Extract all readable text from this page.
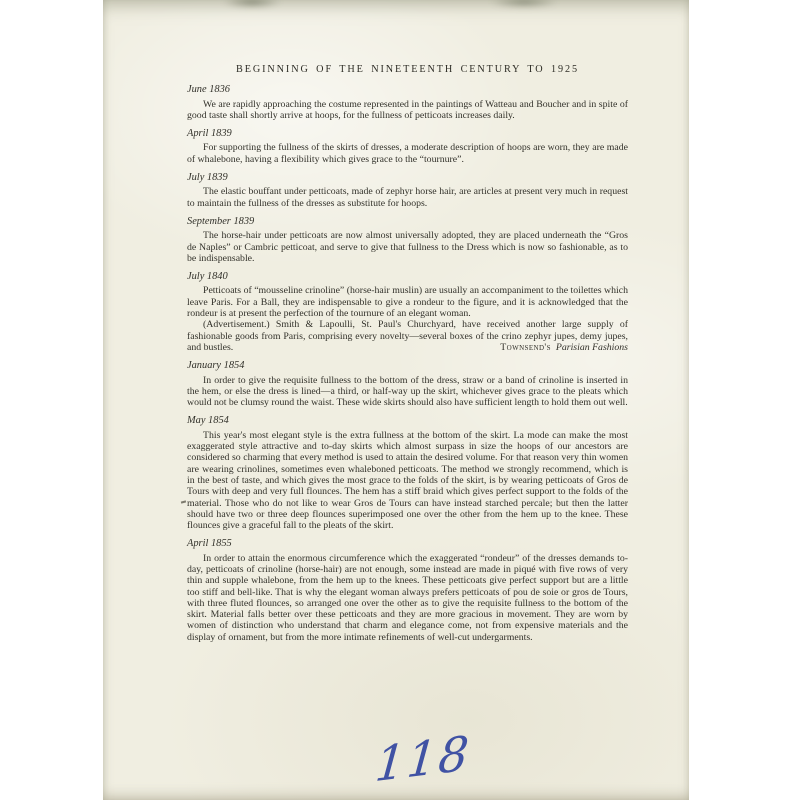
BEGINNING OF THE NINETEENTH CENTURY TO 1925
June 1836

We are rapidly approaching the costume represented in the paintings of Watteau and Boucher and in spite of good taste shall shortly arrive at hoops, for the fullness of petticoats increases daily.

April 1839

For supporting the fullness of the skirts of dresses, a moderate description of hoops are worn, they are made of whalebone, having a flexibility which gives grace to the “tournure”.

July 1839

The elastic bouffant under petticoats, made of zephyr horse hair, are articles at present very much in request to maintain the fullness of the dresses as substitute for hoops.

September 1839

The horse-hair under petticoats are now almost universally adopted, they are placed underneath the “Gros de Naples” or Cambric petticoat, and serve to give that fullness to the Dress which is now so fashionable, as to be indispensable.

July 1840

Petticoats of “mousseline crinoline” (horse-hair muslin) are usually an accompaniment to the toilettes which leave Paris. For a Ball, they are indispensable to give a rondeur to the figure, and it is acknowledged that the rondeur is at present the perfection of the tournure of an elegant woman.

(Advertisement.) Smith & Lapoulli, St. Paul's Churchyard, have received another large supply of fashionable goods from Paris, comprising every novelty—several boxes of the crino zephyr jupes, demy jupes, and bustles.	Townsend's Parisian Fashions
January 1854

In order to give the requisite fullness to the bottom of the dress, straw or a band of crinoline is inserted in the hem, or else the dress is lined—a third, or half-way up the skirt, whichever gives grace to the pleats which would not be clumsy round the waist. These wide skirts should also have sufficient length to hold them out well.

May 1854

This year's most elegant style is the extra fullness at the bottom of the skirt. La mode can make the most exaggerated style attractive and to-day skirts which almost surpass in size the hoops of our ancestors are considered so charming that every method is used to attain the desired volume. For that reason very thin women are wearing crinolines, sometimes even whaleboned petticoats. The method we strongly recommend, which is in the best of taste, and which gives the most grace to the folds of the skirt, is by wearing petticoats of Gros de Tours with deep and very full flounces. The hem has a stiff braid which gives perfect support to the folds of the material. Those who do not like to wear Gros de Tours can have instead starched percale; but then the latter should have two or three deep flounces superimposed one over the other from the hem up to the knee. These flounces give a graceful fall to the pleats of the skirt.

April 1855

In order to attain the enormous circumference which the exaggerated “rondeur” of the dresses demands to-day, petticoats of crinoline (horse-hair) are not enough, some instead are made in piqué with five rows of very thin and supple whalebone, from the hem up to the knees. These petticoats give perfect support but are a little too stiff and bell-like. That is why the elegant woman always prefers petticoats of pou de soie or gros de Tours, with three fluted flounces, so arranged one over the other as to give the requisite fullness to the bottom of the skirt. Material falls better over these petticoats and they are more gracious in movement. They are worn by women of distinction who understand that charm and elegance come, not from expensive materials and the display of ornament, but from the more intimate refinements of well-cut undergarments.

118
